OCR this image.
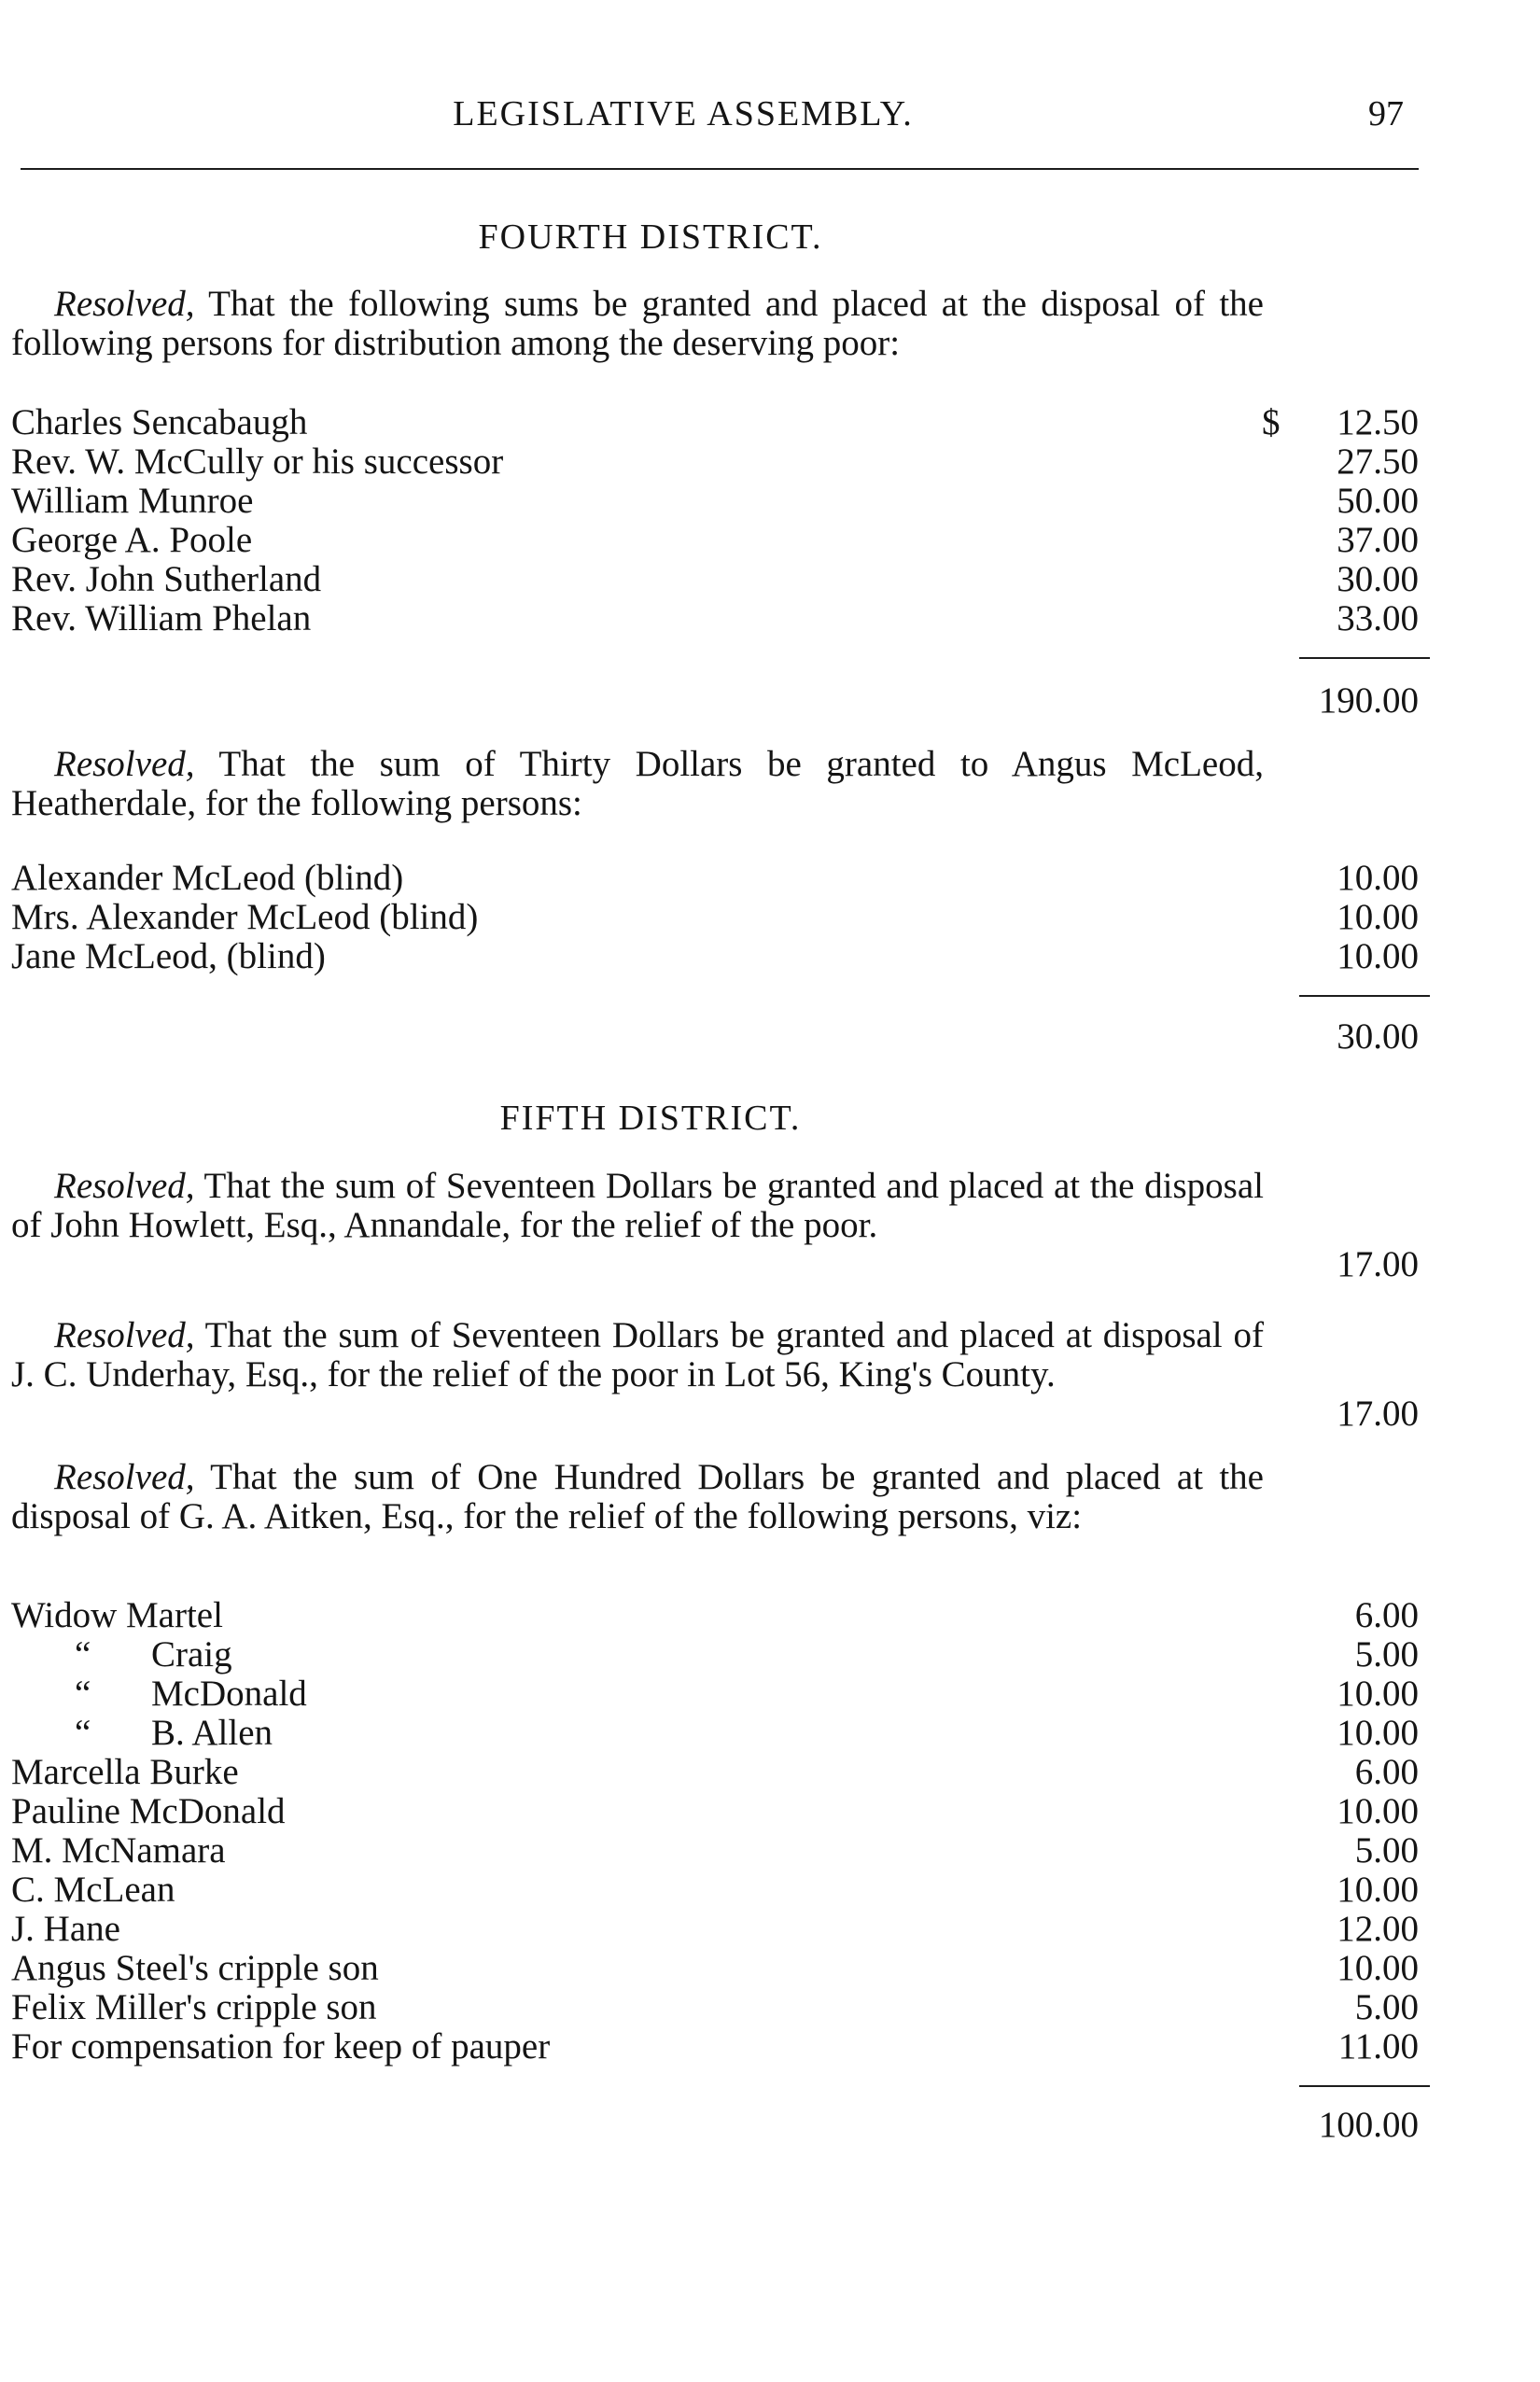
LEGISLATIVE ASSEMBLY.	97
FOURTH DISTRICT.
Resolved, That the following sums be granted and placed at the disposal of the following persons for distribution among the deserving poor:
Charles Sencabaugh	$ 12.50
Rev. W. McCully or his successor	27.50
William Munroe	50.00
George A. Poole	37.00
Rev. John Sutherland	30.00
Rev. William Phelan	33.00
190.00
Resolved, That the sum of Thirty Dollars be granted to Angus McLeod, Heatherdale, for the following persons:
Alexander McLeod (blind)	10.00
Mrs. Alexander McLeod (blind)	10.00
Jane McLeod, (blind)	10.00
30.00
FIFTH DISTRICT.
Resolved, That the sum of Seventeen Dollars be granted and placed at the disposal of John Howlett, Esq., Annandale, for the relief of the poor.
17.00
Resolved, That the sum of Seventeen Dollars be granted and placed at disposal of J. C. Underhay, Esq., for the relief of the poor in Lot 56, King's County.
17.00
Resolved, That the sum of One Hundred Dollars be granted and placed at the disposal of G. A. Aitken, Esq., for the relief of the following persons, viz:
Widow Martel	6.00
“ Craig	5.00
“ McDonald	10.00
“ B. Allen	10.00
Marcella Burke	6.00
Pauline McDonald	10.00
M. McNamara	5.00
C. McLean	10.00
J. Hane	12.00
Angus Steel's cripple son	10.00
Felix Miller's cripple son	5.00
For compensation for keep of pauper	11.00
100.00
